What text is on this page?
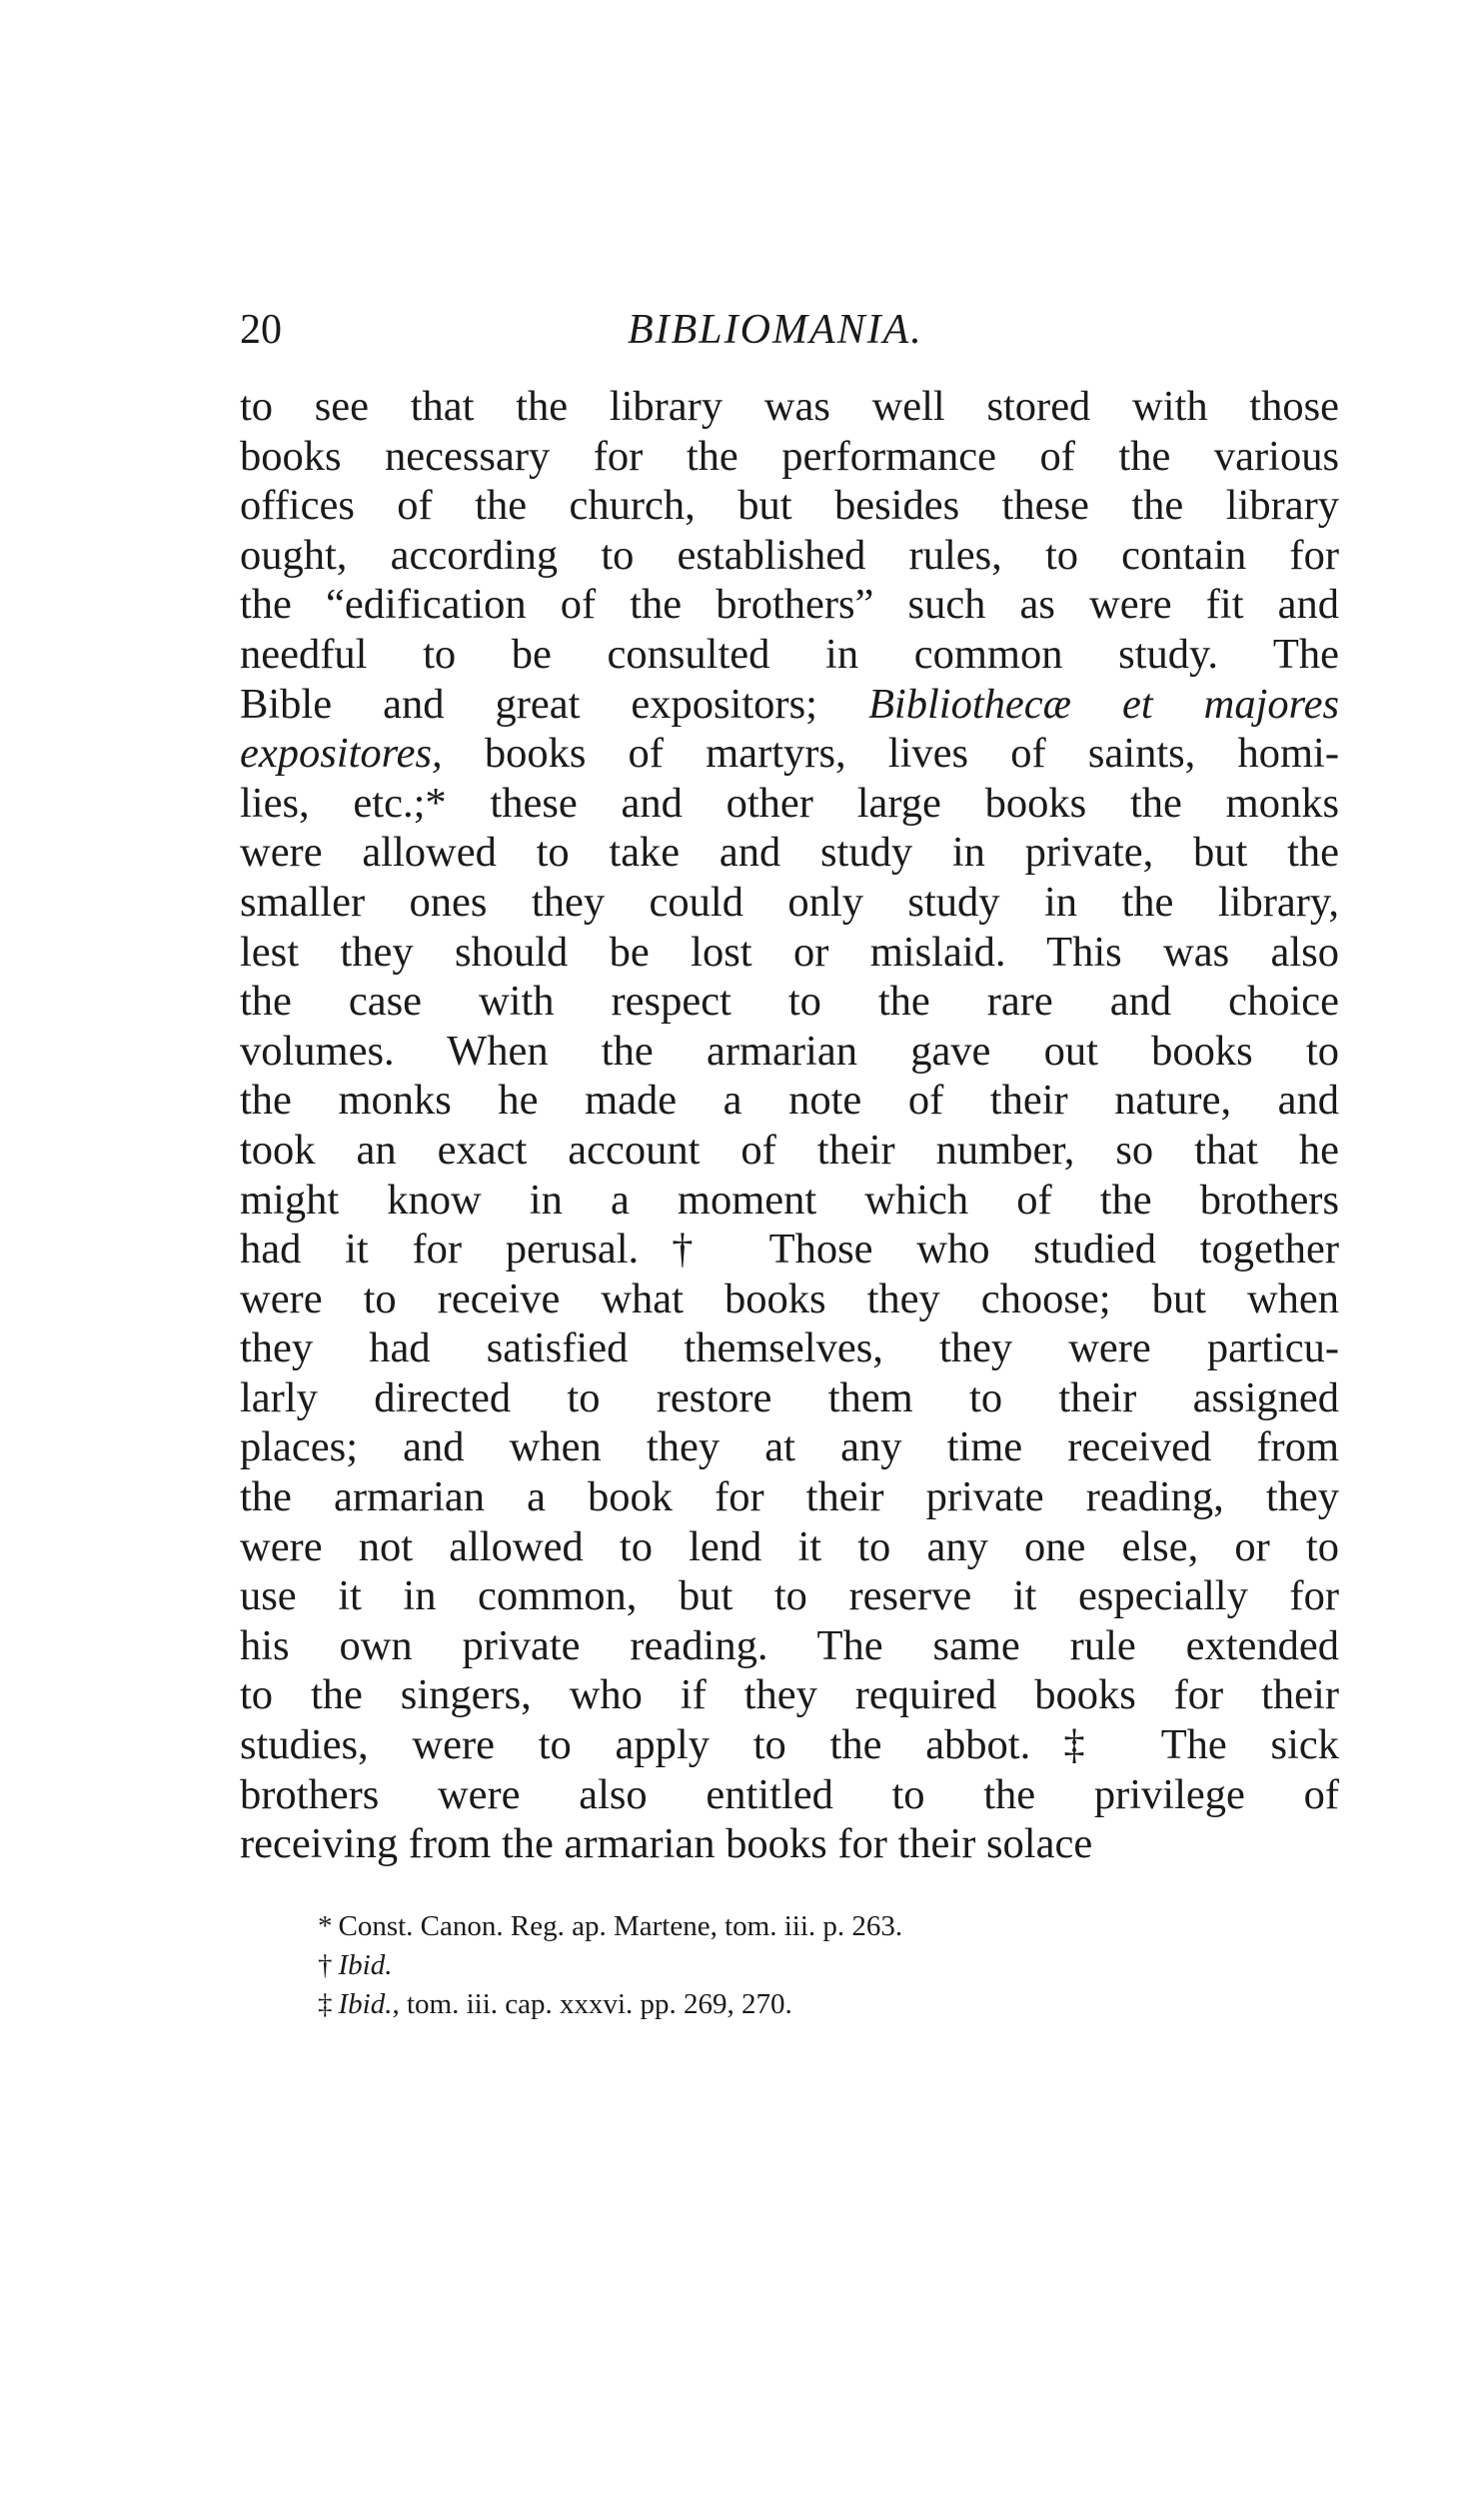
20	BIBLIOMANIA.
to see that the library was well stored with those
books necessary for the performance of the various
offices of the church, but besides these the library
ought, according to established rules, to contain for
the “edification of the brothers” such as were fit and
needful to be consulted in common study. The
Bible and great expositors; Bibliothecæ et majores
expositores, books of martyrs, lives of saints, homi-
lies, etc.;* these and other large books the monks
were allowed to take and study in private, but the
smaller ones they could only study in the library,
lest they should be lost or mislaid. This was also
the case with respect to the rare and choice
volumes. When the armarian gave out books to
the monks he made a note of their nature, and
took an exact account of their number, so that he
might know in a moment which of the brothers
had it for perusal.† Those who studied together
were to receive what books they choose; but when
they had satisfied themselves, they were particu-
larly directed to restore them to their assigned
places; and when they at any time received from
the armarian a book for their private reading, they
were not allowed to lend it to any one else, or to
use it in common, but to reserve it especially for
his own private reading. The same rule extended
to the singers, who if they required books for their
studies, were to apply to the abbot.‡ The sick
brothers were also entitled to the privilege of
receiving from the armarian books for their solace
* Const. Canon. Reg. ap. Martene, tom. iii. p. 263.
† Ibid.
‡ Ibid., tom. iii. cap. xxxvi. pp. 269, 270.
